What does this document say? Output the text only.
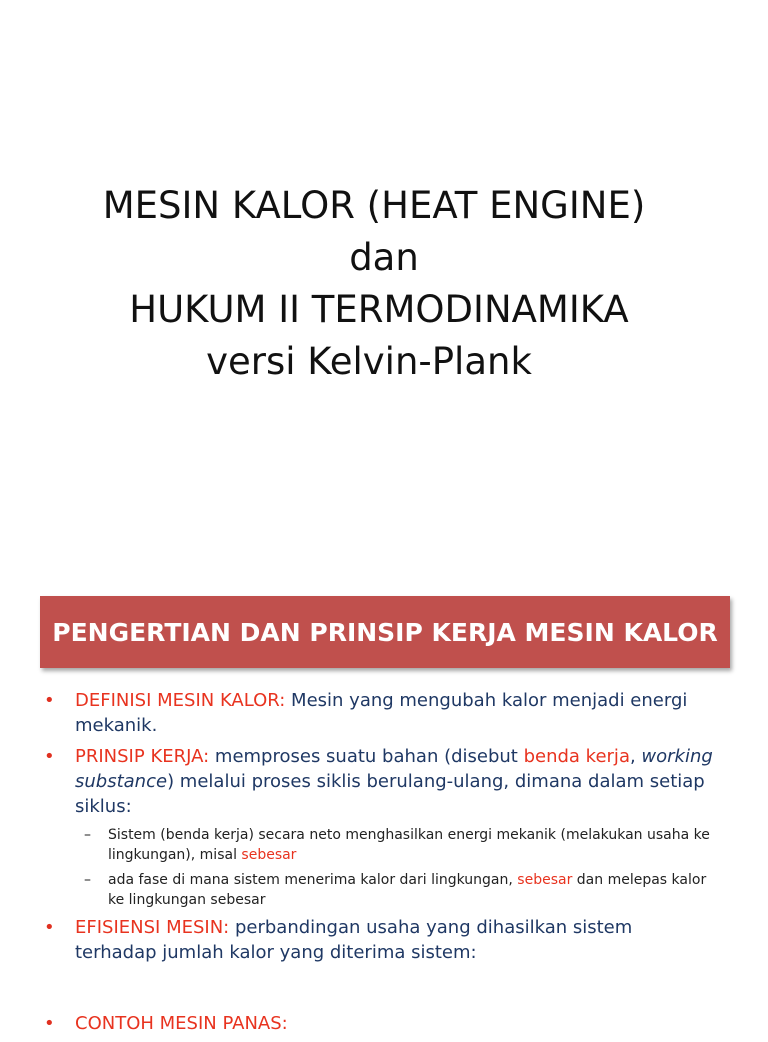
MESIN KALOR (HEAT ENGINE)
dan
HUKUM II TERMODINAMIKA
versi Kelvin-Plank
PENGERTIAN DAN PRINSIP KERJA MESIN KALOR
• DEFINISI MESIN KALOR: Mesin yang mengubah kalor menjadi energi mekanik.
• PRINSIP KERJA: memproses suatu bahan (disebut benda kerja, working substance) melalui proses siklis berulang-ulang, dimana dalam setiap siklus:
– Sistem (benda kerja) secara neto menghasilkan energi mekanik (melakukan usaha ke lingkungan), misal sebesar
– ada fase di mana sistem menerima kalor dari lingkungan, sebesar dan melepas kalor ke lingkungan sebesar
• EFISIENSI MESIN: perbandingan usaha yang dihasilkan sistem terhadap jumlah kalor yang diterima sistem:
• CONTOH MESIN PANAS:
